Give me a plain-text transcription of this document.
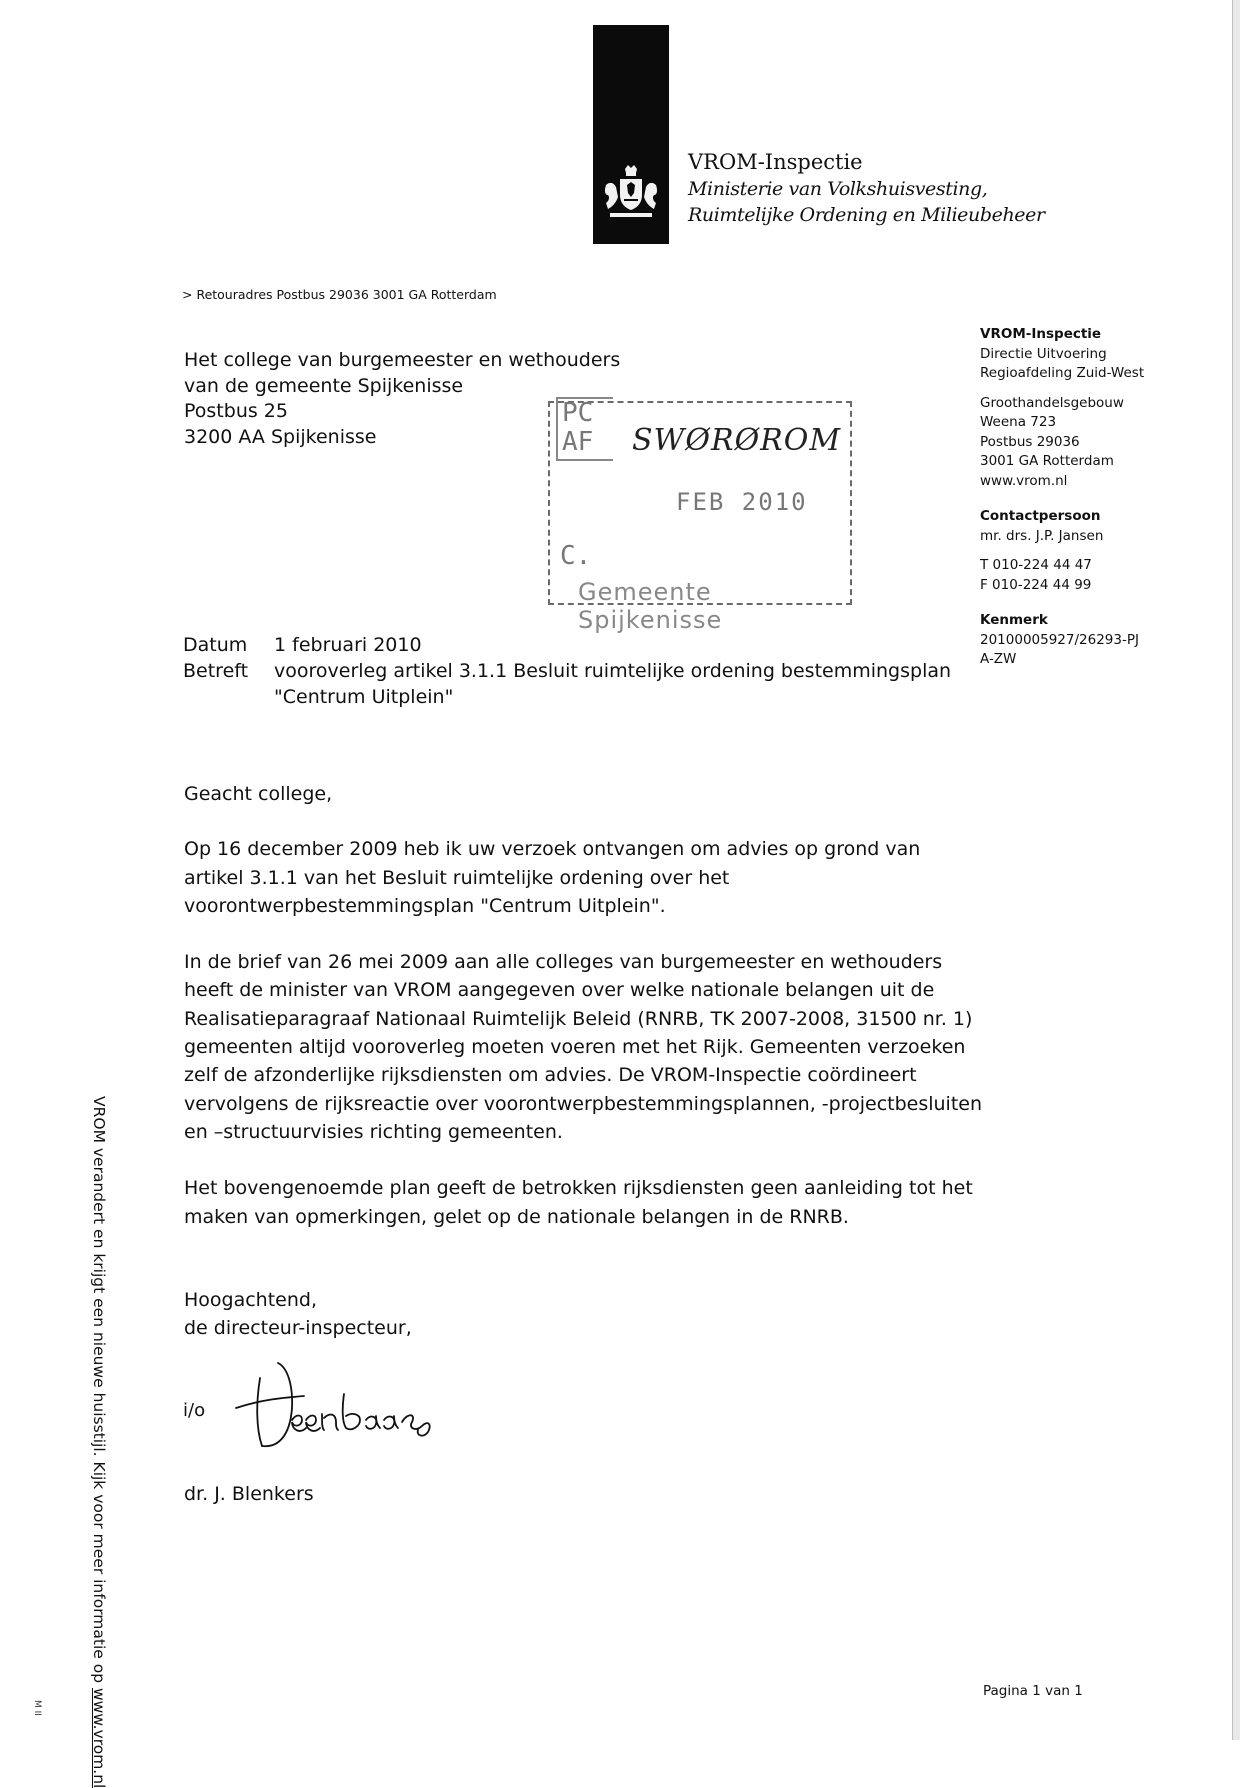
VROM-Inspectie
Ministerie van Volkshuisvesting,
Ruimtelijke Ordening en Milieubeheer
> Retouradres Postbus 29036 3001 GA Rotterdam
Het college van burgemeester en wethouders
van de gemeente Spijkenisse
Postbus 25
3200 AA Spijkenisse
PC
AF
C.
SWØRØROM
FEB 2010
Gemeente Spijkenisse
VROM-Inspectie
Directie Uitvoering
Regioafdeling Zuid-West
Groothandelsgebouw
Weena 723
Postbus 29036
3001 GA Rotterdam
www.vrom.nl
Contactpersoon
mr. drs. J.P. Jansen
T 010-224 44 47
F 010-224 44 99
Kenmerk
20100005927/26293-PJ
A-ZW
Datum	1 februari 2010
Betreft	vooroverleg artikel 3.1.1 Besluit ruimtelijke ordening bestemmingsplan
"Centrum Uitplein"

Geacht college,

Op 16 december 2009 heb ik uw verzoek ontvangen om advies op grond van artikel 3.1.1 van het Besluit ruimtelijke ordening over het voorontwerpbestemmingsplan "Centrum Uitplein".

In de brief van 26 mei 2009 aan alle colleges van burgemeester en wethouders heeft de minister van VROM aangegeven over welke nationale belangen uit de Realisatieparagraaf Nationaal Ruimtelijk Beleid (RNRB, TK 2007-2008, 31500 nr. 1) gemeenten altijd vooroverleg moeten voeren met het Rijk. Gemeenten verzoeken zelf de afzonderlijke rijksdiensten om advies. De VROM-Inspectie coördineert vervolgens de rijksreactie over voorontwerpbestemmingsplannen, -projectbesluiten en –structuurvisies richting gemeenten.

Het bovengenoemde plan geeft de betrokken rijksdiensten geen aanleiding tot het maken van opmerkingen, gelet op de nationale belangen in de RNRB.

Hoogachtend,
de directeur-inspecteur,
i/o
dr. J. Blenkers
VROM verandert en krijgt een nieuwe huisstijl. Kijk voor meer informatie op www.vrom.nl	Pagina 1 van 1
M II
